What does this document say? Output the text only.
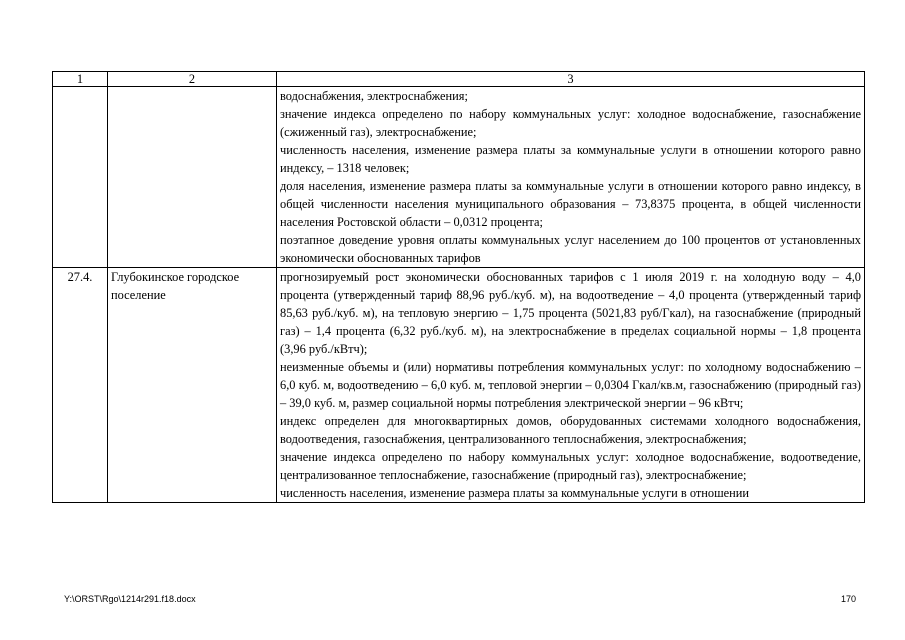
1	2	3

		водоснабжения, электроснабжения;

значение индекса определено по набору коммунальных услуг: холодное водоснабжение, газоснабжение (сжиженный газ), электроснабжение;

численность населения, изменение размера платы за коммунальные услуги в отношении которого равно индексу, – 1318 человек;

доля населения, изменение размера платы за коммунальные услуги в отношении которого равно индексу, в общей численности населения муниципального образования – 73,8375 процента, в общей численности населения Ростовской области – 0,0312 процента;

поэтапное доведение уровня оплаты коммунальных услуг населением до 100 процентов от установленных экономически обоснованных тарифов

27.4.	Глубокинское городское поселение	прогнозируемый рост экономически обоснованных тарифов с 1 июля 2019 г. на холодную воду – 4,0 процента (утвержденный тариф 88,96 руб./куб. м), на водоотведение – 4,0 процента (утвержденный тариф 85,63 руб./куб. м), на тепловую энергию – 1,75 процента (5021,83 руб/Гкал), на газоснабжение (природный газ) – 1,4 процента (6,32 руб./куб. м), на электроснабжение в пределах социальной нормы – 1,8 процента (3,96 руб./кВтч);

неизменные объемы и (или) нормативы потребления коммунальных услуг: по холодному водоснабжению – 6,0 куб. м, водоотведению – 6,0 куб. м, тепловой энергии – 0,0304 Гкал/кв.м, газоснабжению (природный газ) – 39,0 куб. м, размер социальной нормы потребления электрической энергии – 96 кВтч;

индекс определен для многоквартирных домов, оборудованных системами холодного водоснабжения, водоотведения, газоснабжения, централизованного теплоснабжения, электроснабжения;

значение индекса определено по набору коммунальных услуг: холодное водоснабжение, водоотведение, централизованное теплоснабжение, газоснабжение (природный газ), электроснабжение;

численность населения, изменение размера платы за коммунальные услуги в отношении

Y:\ORST\Rgo\1214r291.f18.docx	170
